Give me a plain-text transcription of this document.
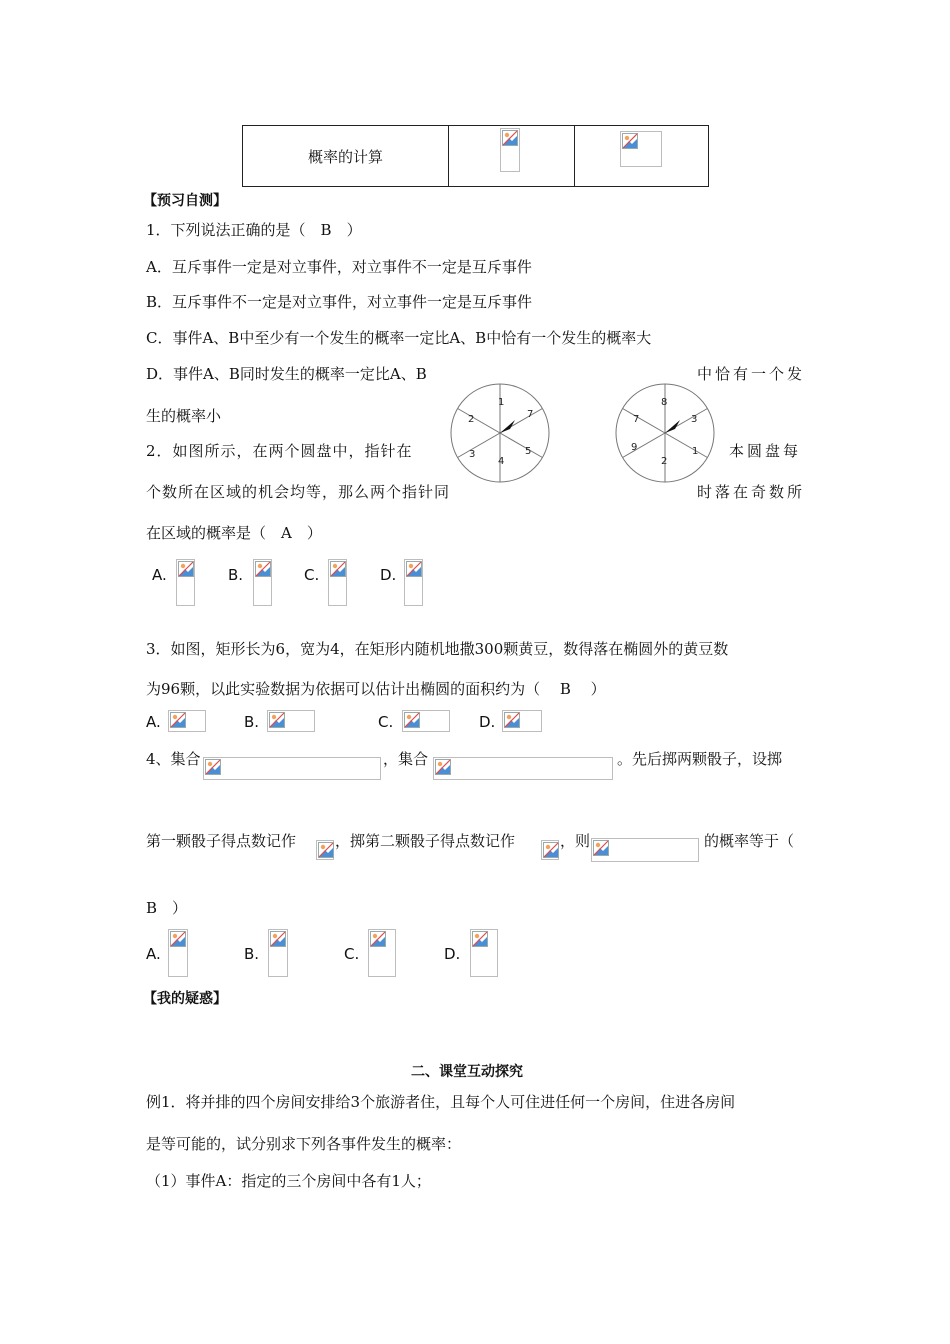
概率的计算
【预习自测】
1．下列说法正确的是（　B　）
A．互斥事件一定是对立事件，对立事件不一定是互斥事件
B．互斥事件不一定是对立事件，对立事件一定是互斥事件
C．事件A、B中至少有一个发生的概率一定比A、B中恰有一个发生的概率大
D．事件A、B同时发生的概率一定比A、B	中恰有一个发
生的概率小
1
7
5
4
3
2
8
3
1
2
9
7
2．如图所示，在两个圆盘中，指针在	本圆盘每
个数所在区域的机会均等，那么两个指针同	时落在奇数所
在区域的概率是（　A　）
A.	B.	C.	D.
3．如图，矩形长为6，宽为4，在矩形内随机地撒300颗黄豆，数得落在椭圆外的黄豆数
为96颗，以此实验数据为依据可以估计出椭圆的面积约为（　 B　 ）
A.	B.	C.	D.
4、集合	，集合	。先后掷两颗骰子，设掷
第一颗骰子得点数记作	，掷第二颗骰子得点数记作	，则	的概率等于（
B　）
A.	B.	C.	D.
【我的疑惑】
二、课堂互动探究
例1．将并排的四个房间安排给3个旅游者住，且每个人可住进任何一个房间，住进各房间
是等可能的，试分别求下列各事件发生的概率：
（1）事件A：指定的三个房间中各有1人；
